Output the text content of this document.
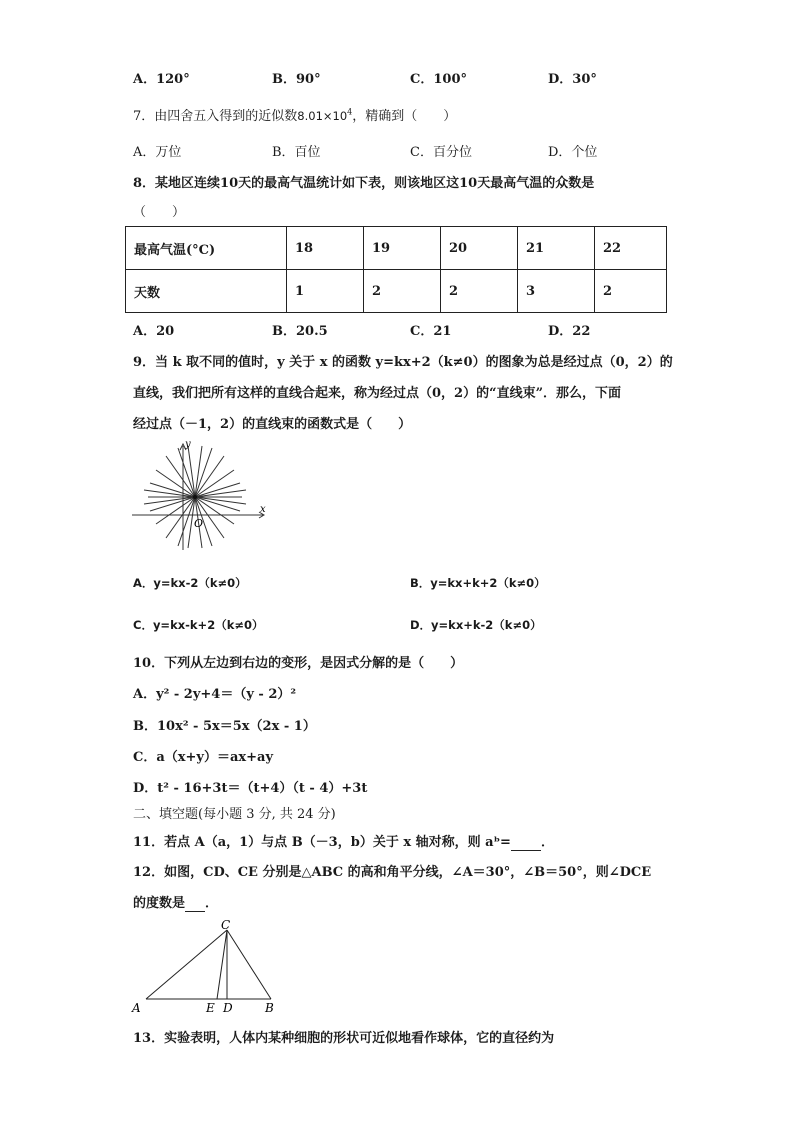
A．120°	B．90°	C．100°	D．30°
7．由四舍五入得到的近似数$8.01\times 10^4$，精确到（　　）
A．万位	B．百位	C．百分位	D．个位
8．某地区连续10天的最高气温统计如下表，则该地区这10天最高气温的众数是
（　　）
最高气温(°C)	18	19	20	21	22
天数	1	2	2	3	2
A．20	B．20.5	C．21	D．22
9．当 k 取不同的值时，y 关于 x 的函数 y=kx+2（k≠0）的图象为总是经过点（0，2）的
直线，我们把所有这样的直线合起来，称为经过点（0，2）的“直线束”．那么，下面
经过点（－1，2）的直线束的函数式是（　　）
y
x
O
A．y=kx-2（k≠0）	B．y=kx+k+2（k≠0）
C．y=kx-k+2（k≠0）	D．y=kx+k-2（k≠0）
10．下列从左边到右边的变形，是因式分解的是（　　）
A．y² - 2y+4＝（y - 2）²
B．10x² - 5x＝5x（2x - 1）
C．a（x+y）＝ax+ay
D．t² - 16+3t＝（t+4）（t - 4）+3t
二、填空题(每小题 3 分, 共 24 分)
11．若点 A（a，1）与点 B（－3，b）关于 x 轴对称，则 aᵇ= ．
12．如图，CD、CE 分别是△ABC 的高和角平分线，∠A＝30°，∠B＝50°，则∠DCE
的度数是 ．
C
A	E D	B
13．实验表明，人体内某种细胞的形状可近似地看作球体，它的直径约为
